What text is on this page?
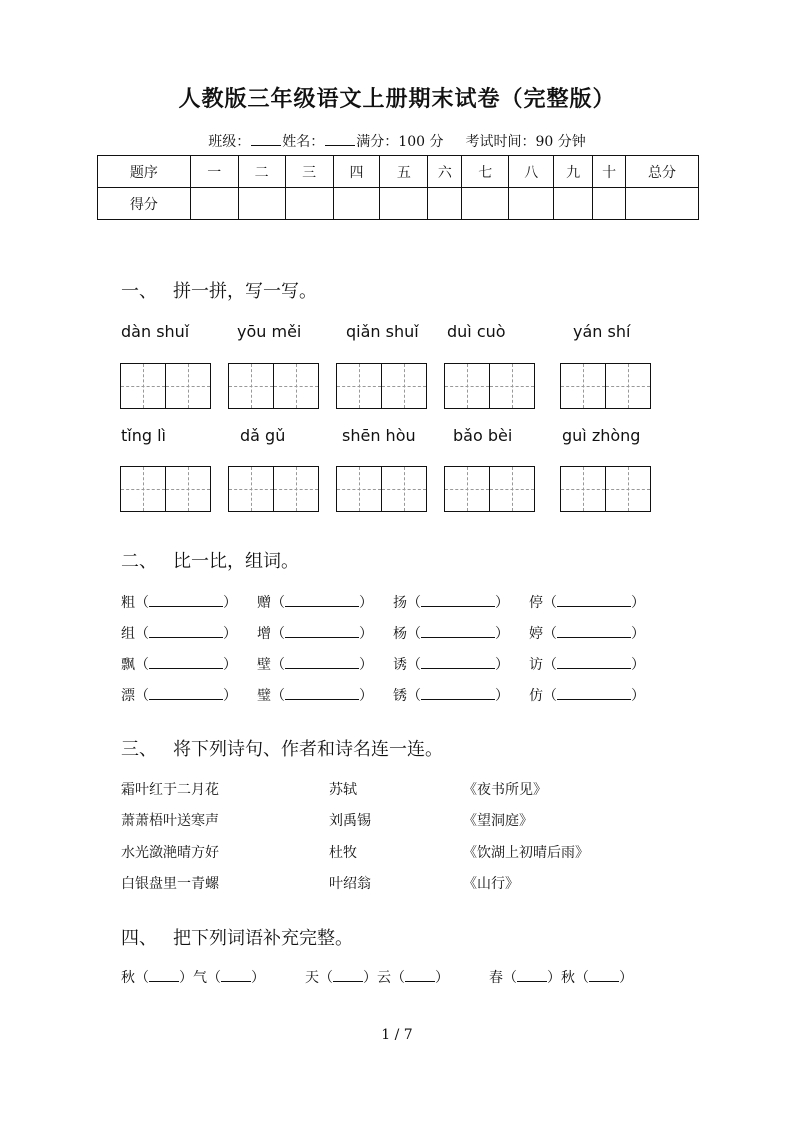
人教版三年级语文上册期末试卷（完整版）
班级： 姓名： 满分：100 分 考试时间：90 分钟
题序	一	二	三	四	五	六	七	八	九	十	总分
得分											
一、 拼一拼，写一写。
dàn shuǐ	yōu měi	qiǎn shuǐ duì cuò	yán shí
tǐng lì	dǎ gǔ	shēn hòu bǎo bèi	guì zhòng
二、 比一比，组词。
粗（	） 赠（	） 扬（	） 停（	）
组（	） 增（	） 杨（	） 婷（	）
飘（	） 壁（	） 诱（	） 访（	）
漂（	） 璧（	） 锈（	） 仿（	）
三、 将下列诗句、作者和诗名连一连。
霜叶红于二月花	苏轼	《夜书所见》
萧萧梧叶送寒声	刘禹锡	《望洞庭》
水光潋滟晴方好	杜牧	《饮湖上初晴后雨》
白银盘里一青螺	叶绍翁	《山行》
四、 把下列词语补充完整。
秋（ ）气（ ）	天（ ）云（ ）	春（ ）秋（ ）
1 / 7
